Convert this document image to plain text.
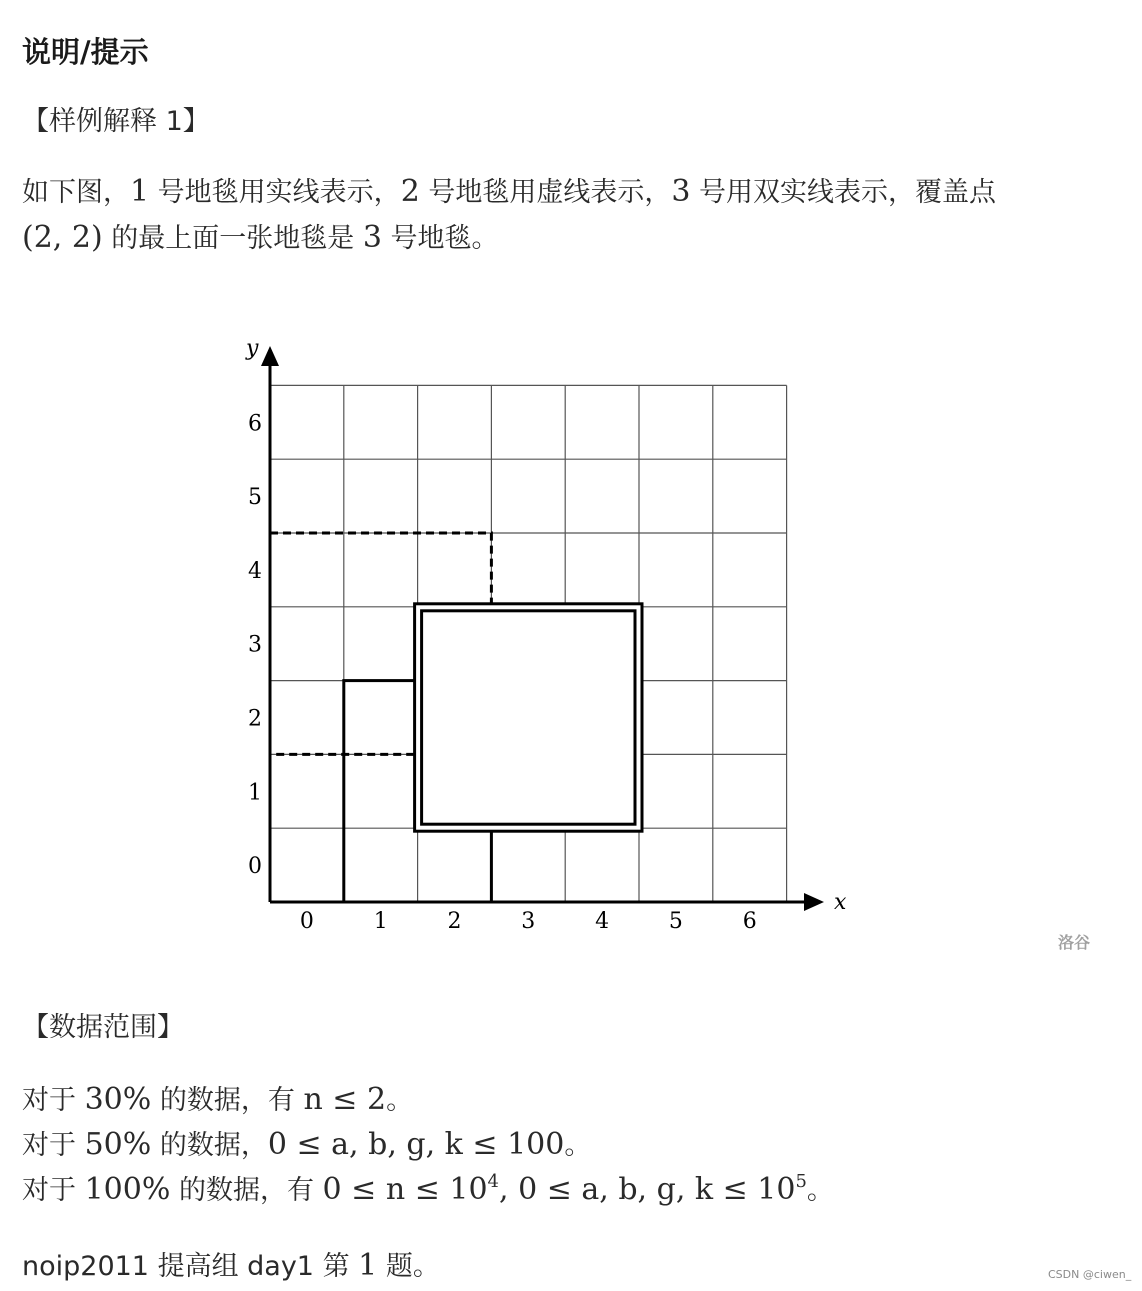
说明/提示
【样例解释 1】
如下图，1 号地毯用实线表示，2 号地毯用虚线表示，3 号用双实线表示，覆盖点
(2, 2) 的最上面一张地毯是 3 号地毯。
x
y
0	1	2	3	4	5	6
0
1
2
3
4
5
6
洛谷
【数据范围】
对于 30% 的数据，有 n ≤ 2。
对于 50% 的数据，0 ≤ a, b, g, k ≤ 100。
对于 100% 的数据，有 $0 \le n \le 10^4$, 0 ≤ a, b, g, $k \le 10^5$。
noip2011 提高组 day1 第 1 题。	CSDN @ciwen_
